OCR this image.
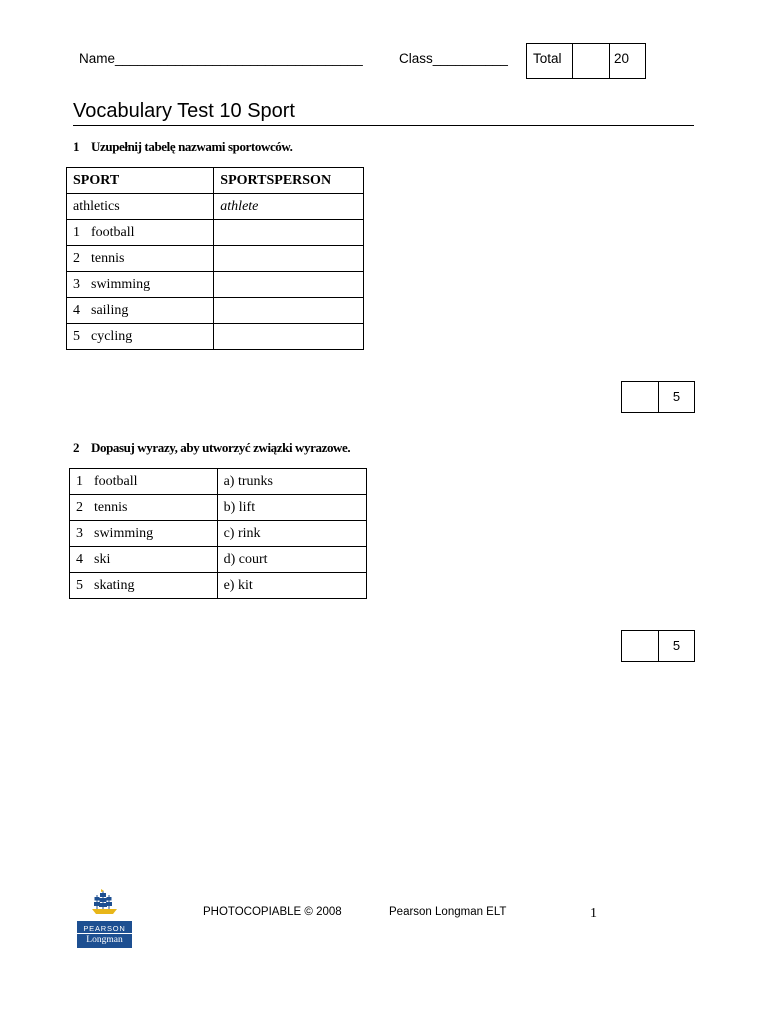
Name_________________________________	Class__________	Total	20
Vocabulary Test 10 Sport
1 Uzupełnij tabelę nazwami sportowców.
SPORT	SPORTSPERSON
athletics	athlete
1 football	
2 tennis	
3 swimming	
4 sailing	
5 cycling	
5
2 Dopasuj wyrazy, aby utworzyć związki wyrazowe.
1 football	a) trunks
2 tennis	b) lift
3 swimming	c) rink
4 ski	d) court
5 skating	e) kit
5
PEARSON
Longman
PHOTOCOPIABLE © 2008	Pearson Longman ELT	1
